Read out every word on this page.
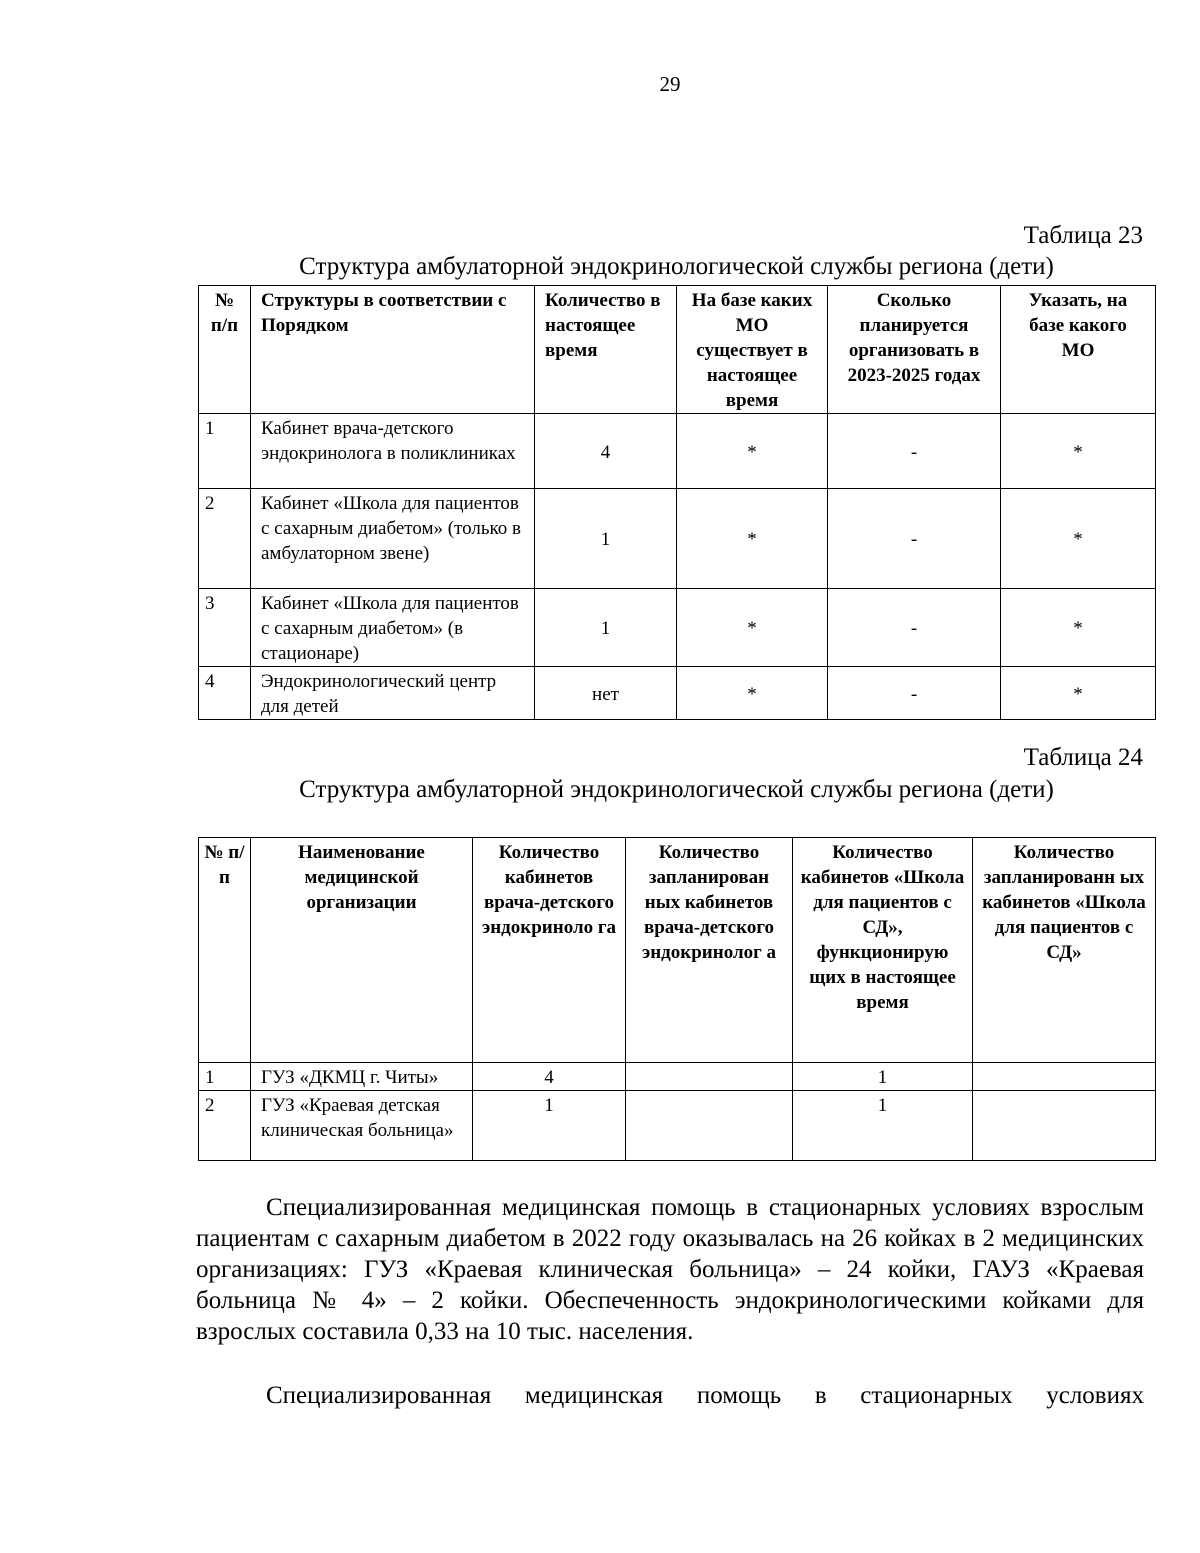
29
Таблица 23
Структура амбулаторной эндокринологической службы региона (дети)
№ п/п	Структуры в соответствии с Порядком	Количество в настоящее время	На базе каких МО существует в настоящее время	Сколько планируется организовать в 2023-2025 годах	Указать, на базе какого МО
1	Кабинет врача-детского эндокринолога в поликлиниках	4	*	-	*
2	Кабинет «Школа для пациентов с сахарным диабетом» (только в амбулаторном звене)	1	*	-	*
3	Кабинет «Школа для пациентов с сахарным диабетом» (в стационаре)	1	*	-	*
4	Эндокринологический центр для детей	нет	*	-	*
Таблица 24
Структура амбулаторной эндокринологической службы региона (дети)
№ п/п	Наименование медицинской организации	Количество кабинетов врача-детского эндокриноло га	Количество запланирован ных кабинетов врача-детского эндокринолог а	Количество кабинетов «Школа для пациентов с СД», функционирую щих в настоящее время	Количество запланированн ых кабинетов «Школа для пациентов с СД»
1	ГУЗ «ДКМЦ г. Читы»	4		1	
2	ГУЗ «Краевая детская клиническая больница»	1		1	

Специализированная медицинская помощь в стационарных условиях взрослым пациентам с сахарным диабетом в 2022 году оказывалась на 26 койках в 2 медицинских организациях: ГУЗ «Краевая клиническая больница» – 24 койки, ГАУЗ «Краевая больница № 4» – 2 койки. Обеспеченность эндокринологическими койками для взрослых составила 0,33 на 10 тыс. населения.

Специализированная медицинская помощь в стационарных условиях
